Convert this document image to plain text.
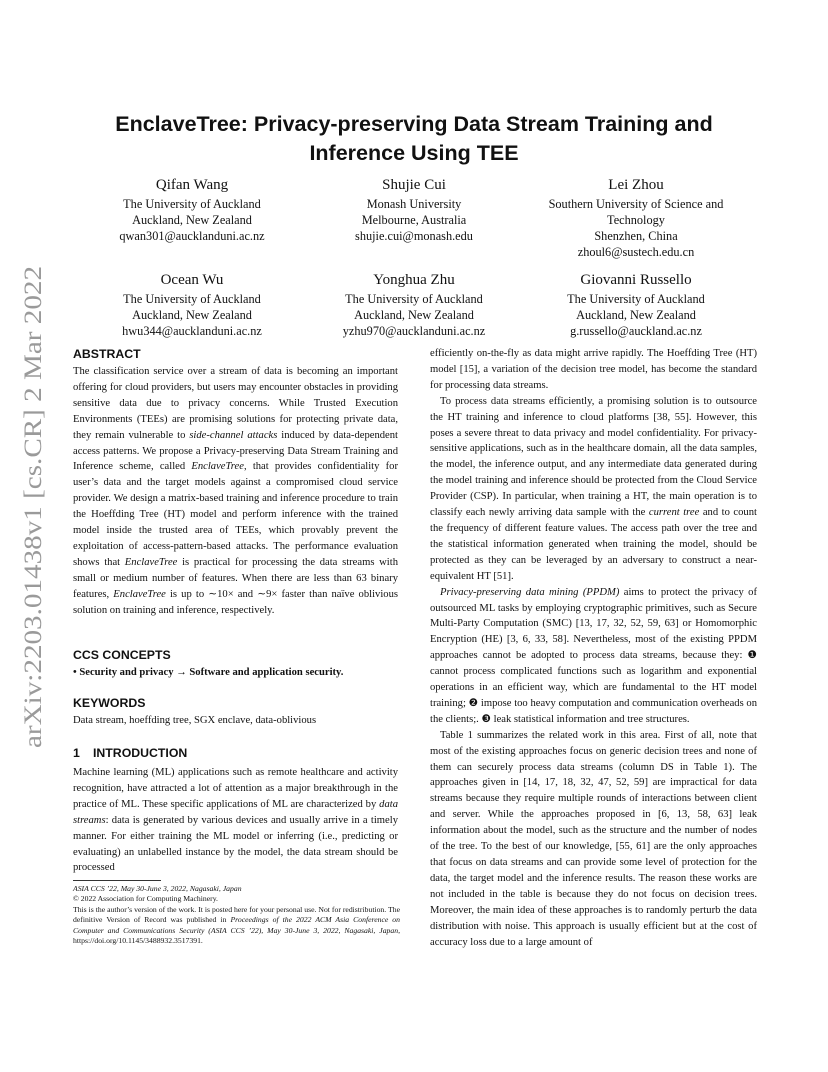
arXiv:2203.01438v1 [cs.CR] 2 Mar 2022
EnclaveTree: Privacy-preserving Data Stream Training and
Inference Using TEE
Qifan Wang
The University of Auckland
Auckland, New Zealand
qwan301@aucklanduni.ac.nz
Shujie Cui
Monash University
Melbourne, Australia
shujie.cui@monash.edu
Lei Zhou
Southern University of Science and
Technology
Shenzhen, China
zhoul6@sustech.edu.cn
Ocean Wu
The University of Auckland
Auckland, New Zealand
hwu344@aucklanduni.ac.nz
Yonghua Zhu
The University of Auckland
Auckland, New Zealand
yzhu970@aucklanduni.ac.nz
Giovanni Russello
The University of Auckland
Auckland, New Zealand
g.russello@auckland.ac.nz
ABSTRACT

The classification service over a stream of data is becoming an important offering for cloud providers, but users may encounter obstacles in providing sensitive data due to privacy concerns. While Trusted Execution Environments (TEEs) are promising solutions for protecting private data, they remain vulnerable to side-channel attacks induced by data-dependent access patterns. We propose a Privacy-preserving Data Stream Training and Inference scheme, called EnclaveTree, that provides confidentiality for user’s data and the target models against a compromised cloud service provider. We design a matrix-based training and inference procedure to train the Hoeffding Tree (HT) model and perform inference with the trained model inside the trusted area of TEEs, which provably prevent the exploitation of access-pattern-based attacks. The performance evaluation shows that EnclaveTree is practical for processing the data streams with small or medium number of features. When there are less than 63 binary features, EnclaveTree is up to ∼10× and ∼9× faster than naïve oblivious solution on training and inference, respectively.

CCS CONCEPTS
• Security and privacy → Software and application security.
KEYWORDS
Data stream, hoeffding tree, SGX enclave, data-oblivious
1 INTRODUCTION

Machine learning (ML) applications such as remote healthcare and activity recognition, have attracted a lot of attention as a major breakthrough in the practice of ML. These specific applications of ML are characterized by data streams: data is generated by various devices and usually arrive in a timely manner. For either training the ML model or inferring (i.e., predicting or evaluating) an unlabelled instance by the model, the data stream should be processed

ASIA CCS ’22, May 30-June 3, 2022, Nagasaki, Japan

© 2022 Association for Computing Machinery.

This is the author’s version of the work. It is posted here for your personal use. Not for redistribution. The definitive Version of Record was published in Proceedings of the 2022 ACM Asia Conference on Computer and Communications Security (ASIA CCS ’22), May 30-June 3, 2022, Nagasaki, Japan, https://doi.org/10.1145/3488932.3517391.

efficiently on-the-fly as data might arrive rapidly. The Hoeffding Tree (HT) model [15], a variation of the decision tree model, has become the standard for processing data streams.

To process data streams efficiently, a promising solution is to outsource the HT training and inference to cloud platforms [38, 55]. However, this poses a severe threat to data privacy and model confidentiality. For privacy-sensitive applications, such as in the healthcare domain, all the data samples, the model, the inference output, and any intermediate data generated during the model training and inference should be protected from the Cloud Service Provider (CSP). In particular, when training a HT, the main operation is to classify each newly arriving data sample with the current tree and to count the frequency of different feature values. The access path over the tree and the statistical information generated when training the model, should be protected as they can be leveraged by an adversary to construct a near-equivalent HT [51].

Privacy-preserving data mining (PPDM) aims to protect the privacy of outsourced ML tasks by employing cryptographic primitives, such as Secure Multi-Party Computation (SMC) [13, 17, 32, 52, 59, 63] or Homomorphic Encryption (HE) [3, 6, 33, 58]. Nevertheless, most of the existing PPDM approaches cannot be adopted to process data streams, because they: ❶ cannot process complicated functions such as logarithm and exponential operations in an efficient way, which are fundamental to the HT model training; ❷ impose too heavy computation and communication overheads on the clients;. ❸ leak statistical information and tree structures.

Table 1 summarizes the related work in this area. First of all, note that most of the existing approaches focus on generic decision trees and none of them can securely process data streams (column DS in Table 1). The approaches given in [14, 17, 18, 32, 47, 52, 59] are impractical for data streams because they require multiple rounds of interactions between client and server. While the approaches proposed in [6, 13, 58, 63] leak information about the model, such as the structure and the number of nodes of the tree. To the best of our knowledge, [55, 61] are the only approaches that focus on data streams and can provide some level of protection for the data, the target model and the inference results. The reason these works are not included in the table is because they do not focus on decision trees. Moreover, the main idea of these approaches is to randomly perturb the data distribution with noise. This approach is usually efficient but at the cost of accuracy loss due to a large amount of
